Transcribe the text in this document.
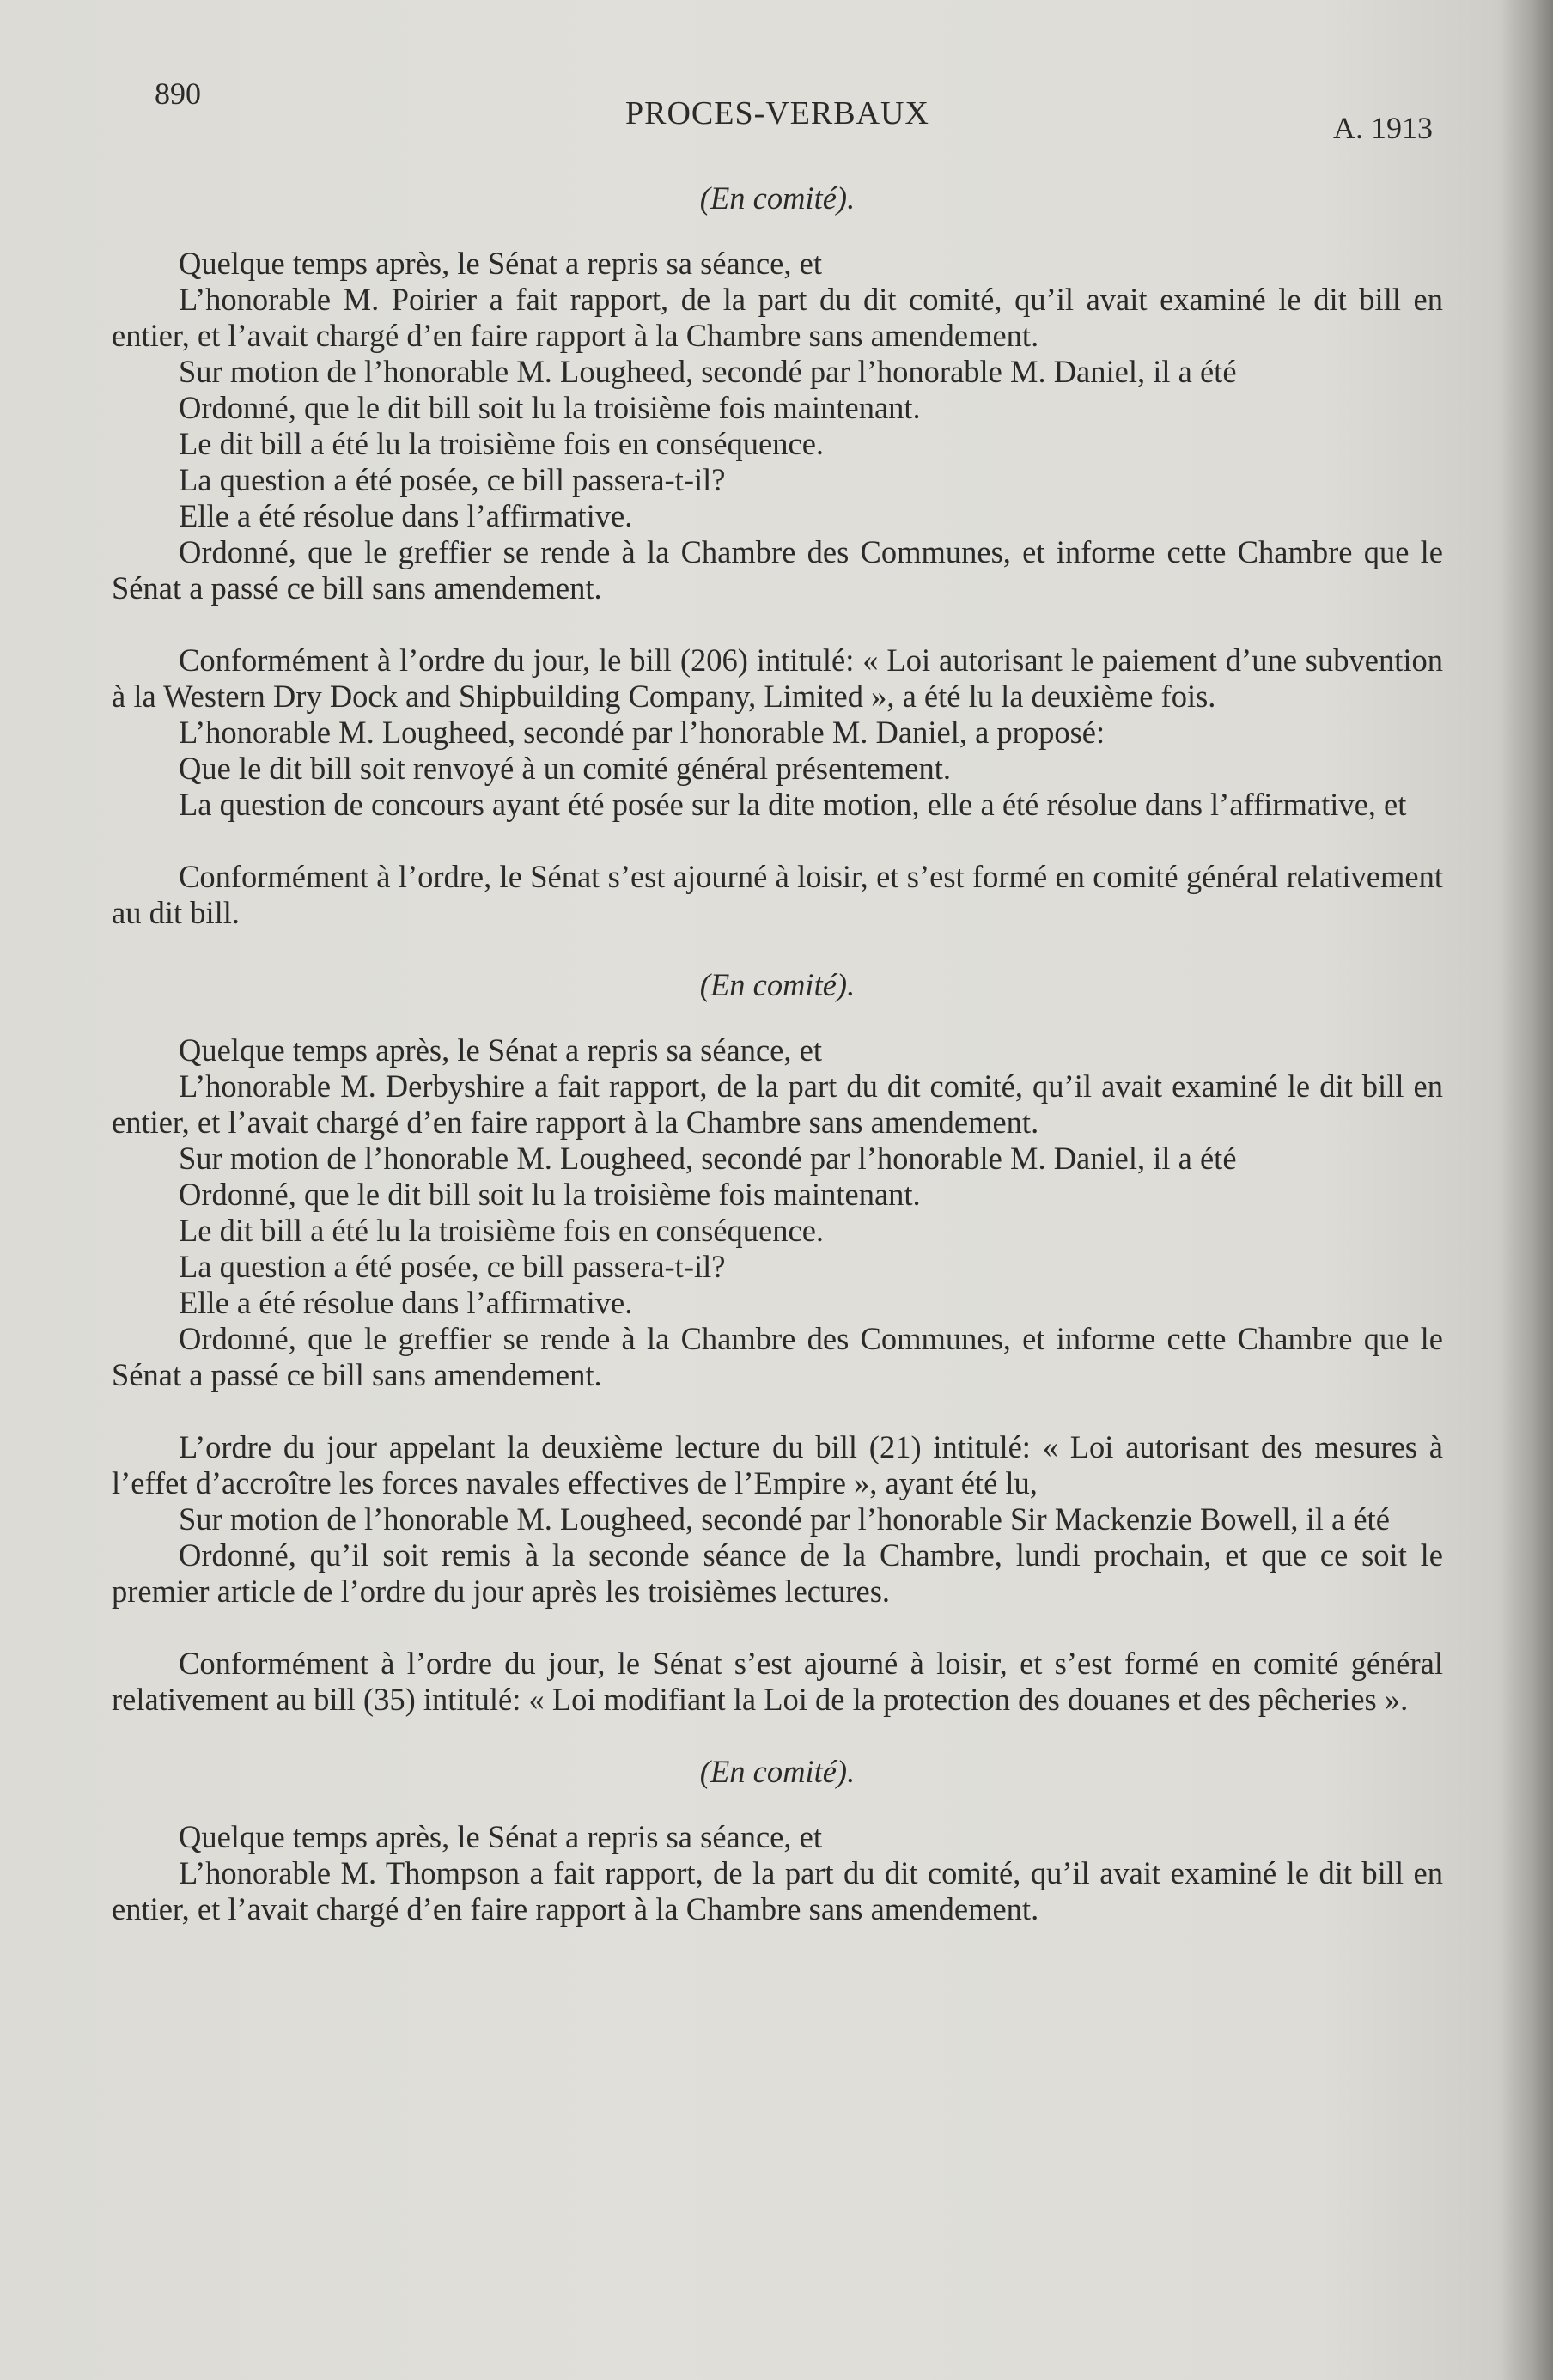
890
PROCES-VERBAUX	A. 1913

(En comité).

Quelque temps après, le Sénat a repris sa séance, et

L’honorable M. Poirier a fait rapport, de la part du dit comité, qu’il avait examiné le dit bill en entier, et l’avait chargé d’en faire rapport à la Chambre sans amendement.

Sur motion de l’honorable M. Lougheed, secondé par l’honorable M. Daniel, il a été

Ordonné, que le dit bill soit lu la troisième fois maintenant.

Le dit bill a été lu la troisième fois en conséquence.

La question a été posée, ce bill passera-t-il?

Elle a été résolue dans l’affirmative.

Ordonné, que le greffier se rende à la Chambre des Communes, et informe cette Chambre que le Sénat a passé ce bill sans amendement.

Conformément à l’ordre du jour, le bill (206) intitulé: « Loi autorisant le paiement d’une subvention à la Western Dry Dock and Shipbuilding Company, Limited », a été lu la deuxième fois.

L’honorable M. Lougheed, secondé par l’honorable M. Daniel, a proposé:

Que le dit bill soit renvoyé à un comité général présentement.

La question de concours ayant été posée sur la dite motion, elle a été résolue dans l’affirmative, et

Conformément à l’ordre, le Sénat s’est ajourné à loisir, et s’est formé en comité général relativement au dit bill.

(En comité).

Quelque temps après, le Sénat a repris sa séance, et

L’honorable M. Derbyshire a fait rapport, de la part du dit comité, qu’il avait examiné le dit bill en entier, et l’avait chargé d’en faire rapport à la Chambre sans amendement.

Sur motion de l’honorable M. Lougheed, secondé par l’honorable M. Daniel, il a été

Ordonné, que le dit bill soit lu la troisième fois maintenant.

Le dit bill a été lu la troisième fois en conséquence.

La question a été posée, ce bill passera-t-il?

Elle a été résolue dans l’affirmative.

Ordonné, que le greffier se rende à la Chambre des Communes, et informe cette Chambre que le Sénat a passé ce bill sans amendement.

L’ordre du jour appelant la deuxième lecture du bill (21) intitulé: « Loi autorisant des mesures à l’effet d’accroître les forces navales effectives de l’Empire », ayant été lu,

Sur motion de l’honorable M. Lougheed, secondé par l’honorable Sir Mackenzie Bowell, il a été

Ordonné, qu’il soit remis à la seconde séance de la Chambre, lundi prochain, et que ce soit le premier article de l’ordre du jour après les troisièmes lectures.

Conformément à l’ordre du jour, le Sénat s’est ajourné à loisir, et s’est formé en comité général relativement au bill (35) intitulé: « Loi modifiant la Loi de la protection des douanes et des pêcheries ».

(En comité).

Quelque temps après, le Sénat a repris sa séance, et

L’honorable M. Thompson a fait rapport, de la part du dit comité, qu’il avait examiné le dit bill en entier, et l’avait chargé d’en faire rapport à la Chambre sans amendement.
